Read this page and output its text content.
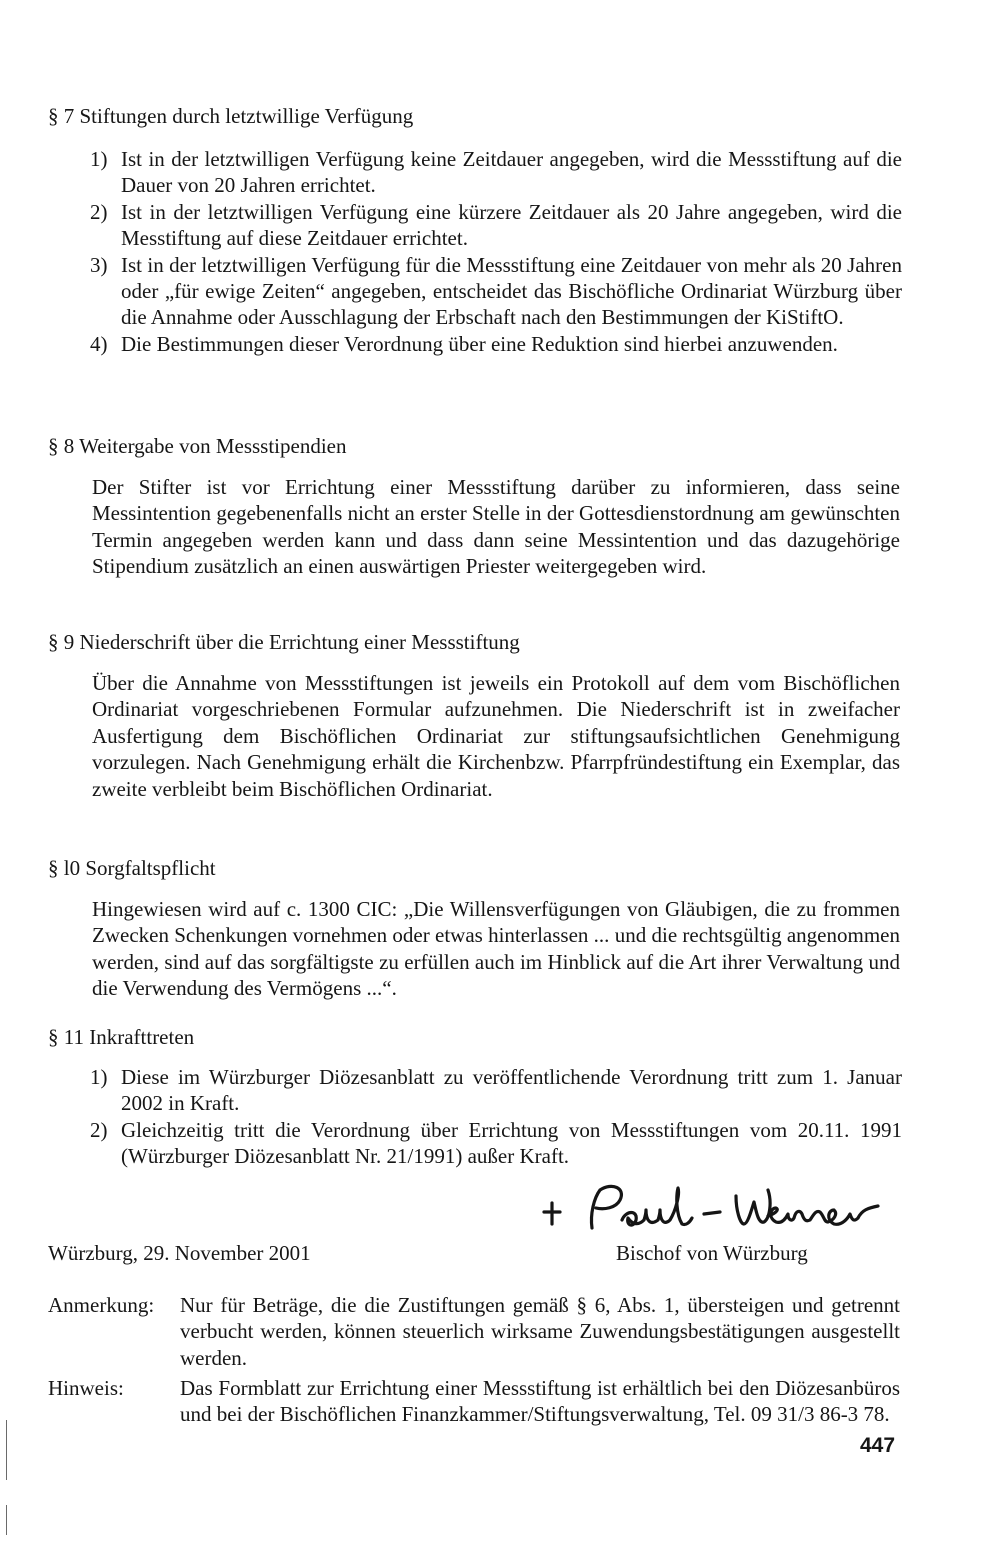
§ 7 Stiftungen durch letztwillige Verfügung
1) Ist in der letztwilligen Verfügung keine Zeitdauer angegeben, wird die Messstiftung auf die Dauer von 20 Jahren errichtet.
2) Ist in der letztwilligen Verfügung eine kürzere Zeitdauer als 20 Jahre angegeben, wird die Messtiftung auf diese Zeitdauer errichtet.
3) Ist in der letztwilligen Verfügung für die Messstiftung eine Zeitdauer von mehr als 20 Jahren oder „für ewige Zeiten“ angegeben, entscheidet das Bischöfliche Ordinariat Würzburg über die Annahme oder Ausschlagung der Erbschaft nach den Bestimmungen der KiStiftO.
4) Die Bestimmungen dieser Verordnung über eine Reduktion sind hierbei anzuwenden.
§ 8 Weitergabe von Messstipendien
Der Stifter ist vor Errichtung einer Messstiftung darüber zu informieren, dass seine Messintention gegebenenfalls nicht an erster Stelle in der Gottesdienstordnung am gewünschten Termin angegeben werden kann und dass dann seine Messintention und das dazugehörige Stipendium zusätzlich an einen auswärtigen Priester weitergegeben wird.
§ 9 Niederschrift über die Errichtung einer Messstiftung
Über die Annahme von Messstiftungen ist jeweils ein Protokoll auf dem vom Bischöflichen Ordinariat vorgeschriebenen Formular aufzunehmen. Die Niederschrift ist in zweifacher Ausfertigung dem Bischöflichen Ordinariat zur stiftungsaufsichtlichen Genehmigung vorzulegen. Nach Genehmigung erhält die Kirchenbzw. Pfarrpfründestiftung ein Exemplar, das zweite verbleibt beim Bischöflichen Ordinariat.
§ l0 Sorgfaltspflicht
Hingewiesen wird auf c. 1300 CIC: „Die Willensverfügungen von Gläubigen, die zu frommen Zwecken Schenkungen vornehmen oder etwas hinterlassen ... und die rechtsgültig angenommen werden, sind auf das sorgfältigste zu erfüllen auch im Hinblick auf die Art ihrer Verwaltung und die Verwendung des Vermögens ...“.
§ 11 Inkrafttreten
1) Diese im Würzburger Diözesanblatt zu veröffentlichende Verordnung tritt zum 1. Januar 2002 in Kraft.
2) Gleichzeitig tritt die Verordnung über Errichtung von Messstiftungen vom 20.11. 1991 (Würzburger Diözesanblatt Nr. 21/1991) außer Kraft.
Würzburg, 29. November 2001	Bischof von Würzburg
Anmerkung: Nur für Beträge, die die Zustiftungen gemäß § 6, Abs. 1, übersteigen und getrennt verbucht werden, können steuerlich wirksame Zuwendungsbestätigungen ausgestellt werden.
Hinweis:	Das Formblatt zur Errichtung einer Messstiftung ist erhältlich bei den Diözesanbüros und bei der Bischöflichen Finanzkammer/Stiftungsverwaltung, Tel. 09 31/3 86-3 78.
447
